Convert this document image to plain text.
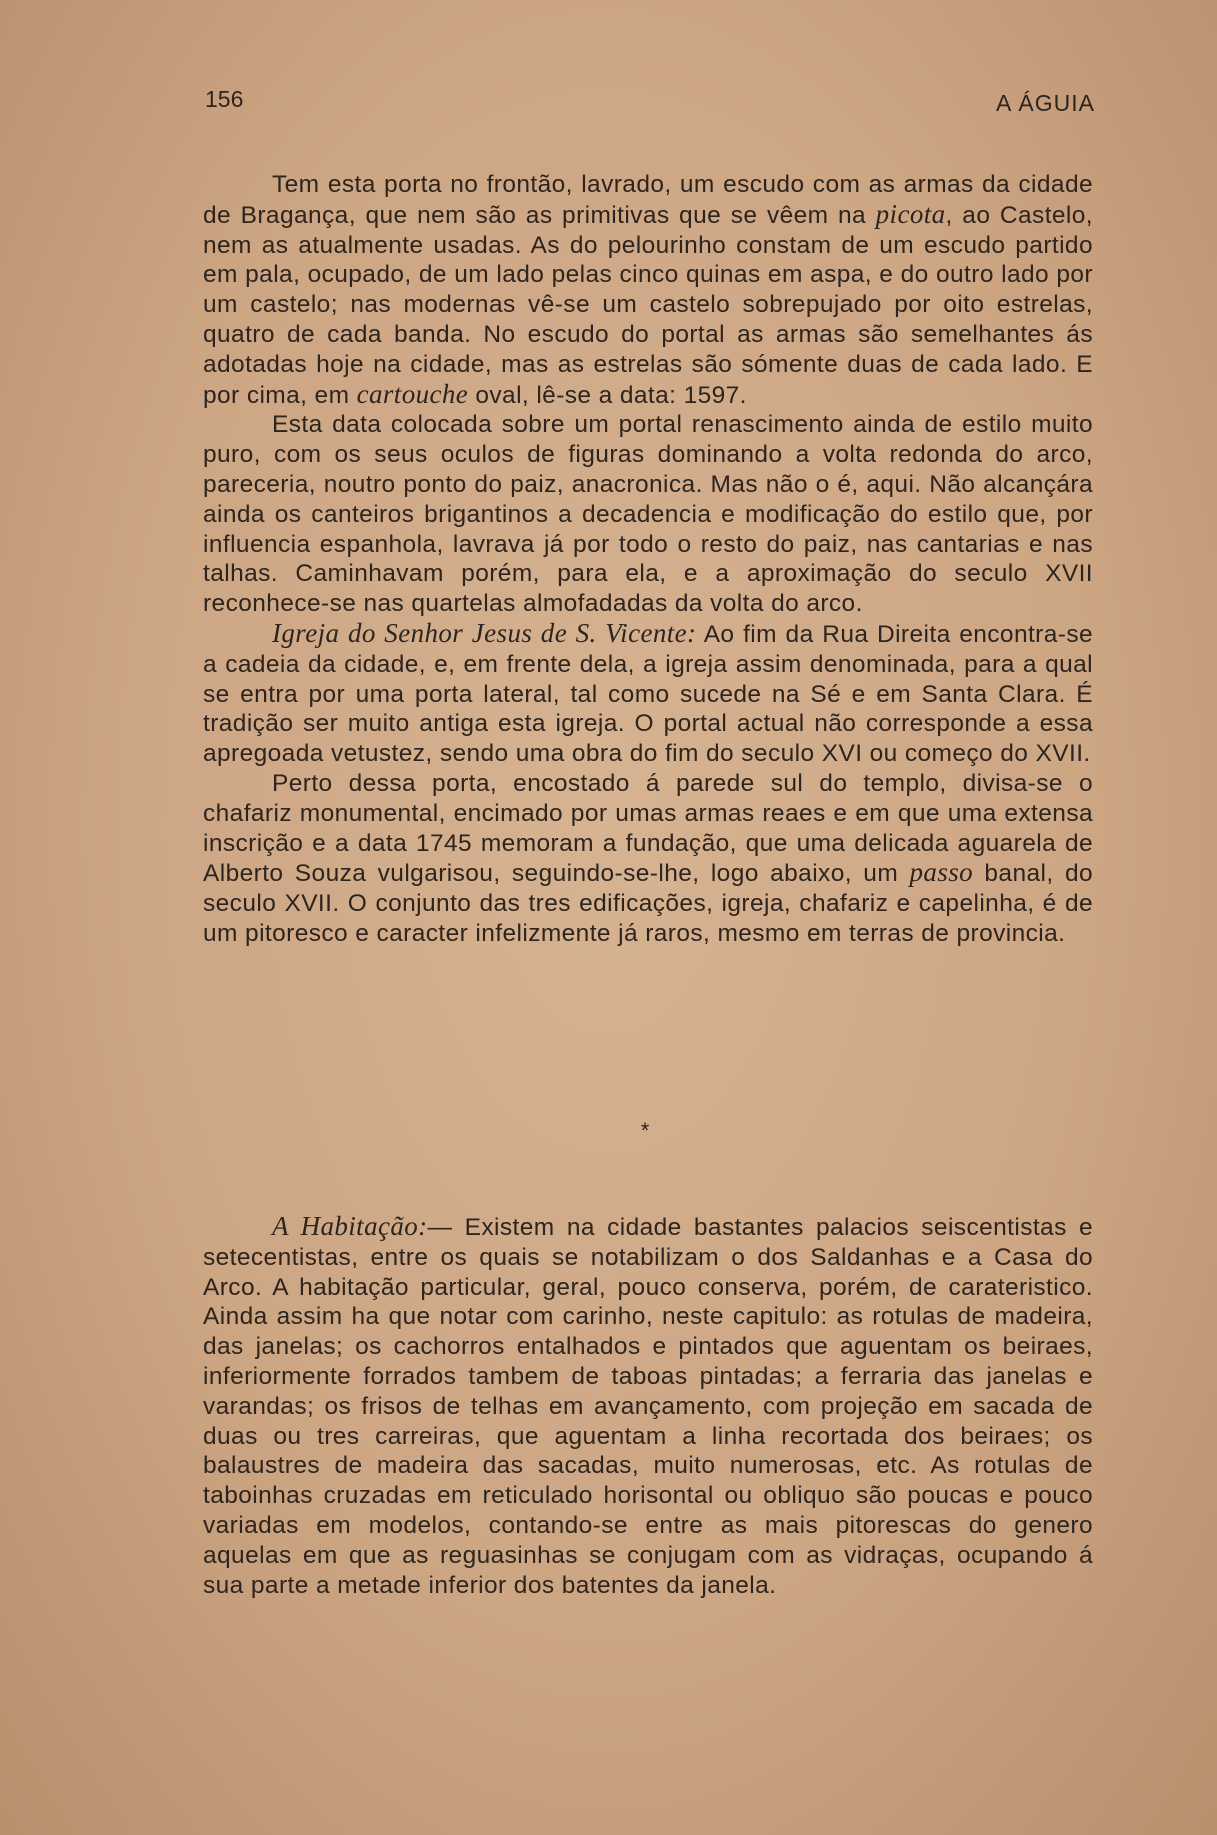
156	A ÁGUIA

Tem esta porta no frontão, lavrado, um escudo com as armas da cidade de Bragança, que nem são as primitivas que se vêem na picota, ao Castelo, nem as atualmente usadas. As do pelourinho constam de um escudo partido em pala, ocupado, de um lado pelas cinco quinas em aspa, e do outro lado por um castelo; nas modernas vê-se um castelo sobrepujado por oito estrelas, quatro de cada banda. No escudo do portal as armas são semelhantes ás adotadas hoje na cidade, mas as estrelas são sómente duas de cada lado. E por cima, em cartouche oval, lê-se a data: 1597.

Esta data colocada sobre um portal renascimento ainda de estilo muito puro, com os seus oculos de figuras dominando a volta redonda do arco, pareceria, noutro ponto do paiz, anacronica. Mas não o é, aqui. Não alcançára ainda os canteiros brigantinos a decadencia e modificação do estilo que, por influencia espanhola, lavrava já por todo o resto do paiz, nas cantarias e nas talhas. Caminhavam porém, para ela, e a aproximação do seculo XVII reconhece-se nas quartelas almofadadas da volta do arco.

Igreja do Senhor Jesus de S. Vicente: Ao fim da Rua Direita encontra-se a cadeia da cidade, e, em frente dela, a igreja assim denominada, para a qual se entra por uma porta lateral, tal como sucede na Sé e em Santa Clara. É tradição ser muito antiga esta igreja. O portal actual não corresponde a essa apregoada vetustez, sendo uma obra do fim do seculo XVI ou começo do XVII.

Perto dessa porta, encostado á parede sul do templo, divisa-se o chafariz monumental, encimado por umas armas reaes e em que uma extensa inscrição e a data 1745 memoram a fundação, que uma delicada aguarela de Alberto Souza vulgarisou, seguindo-se-lhe, logo abaixo, um passo banal, do seculo XVII. O conjunto das tres edificações, igreja, chafariz e capelinha, é de um pitoresco e caracter infelizmente já raros, mesmo em terras de provincia.

*

A Habitação:— Existem na cidade bastantes palacios seiscentistas e setecentistas, entre os quais se notabilizam o dos Saldanhas e a Casa do Arco. A habitação particular, geral, pouco conserva, porém, de carateristico. Ainda assim ha que notar com carinho, neste capitulo: as rotulas de madeira, das janelas; os cachorros entalhados e pintados que aguentam os beiraes, inferiormente forrados tambem de taboas pintadas; a ferraria das janelas e varandas; os frisos de telhas em avançamento, com projeção em sacada de duas ou tres carreiras, que aguentam a linha recortada dos beiraes; os balaustres de madeira das sacadas, muito numerosas, etc. As rotulas de taboinhas cruzadas em reticulado horisontal ou obliquo são poucas e pouco variadas em modelos, contando-se entre as mais pitorescas do genero aquelas em que as reguasinhas se conjugam com as vidraças, ocupando á sua parte a metade inferior dos batentes da janela.
